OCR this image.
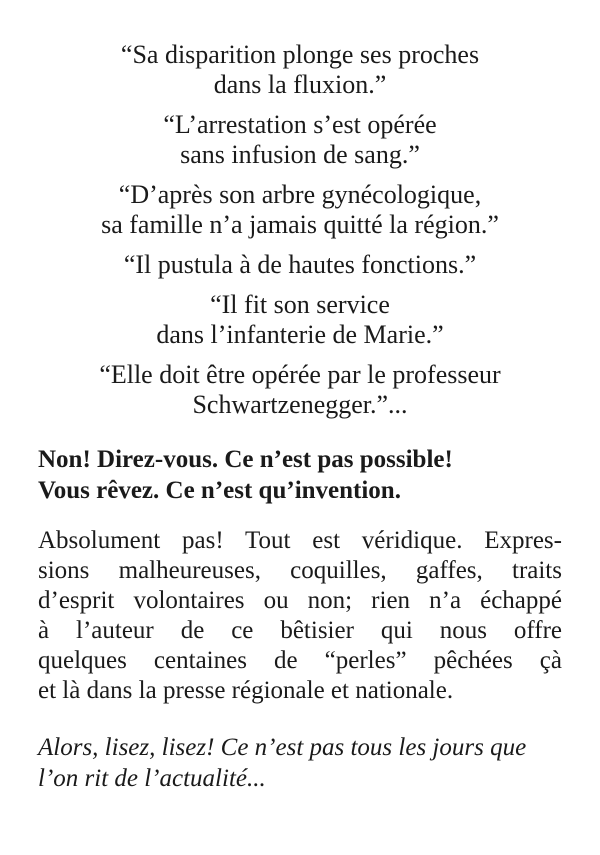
“Sa disparition plonge ses proches
dans la fluxion.”
“L’arrestation s’est opérée
sans infusion de sang.”
“D’après son arbre gynécologique,
sa famille n’a jamais quitté la région.”
“Il pustula à de hautes fonctions.”
“Il fit son service
dans l’infanterie de Marie.”
“Elle doit être opérée par le professeur
Schwartzenegger.”...
Non! Direz-vous. Ce n’est pas possible!
Vous rêvez. Ce n’est qu’invention.
Absolument pas! Tout est véridique. Expres-
sions malheureuses, coquilles, gaffes, traits
d’esprit volontaires ou non; rien n’a échappé
à l’auteur de ce bêtisier qui nous offre
quelques centaines de “perles” pêchées çà
et là dans la presse régionale et nationale.
Alors, lisez, lisez! Ce n’est pas tous les jours que
l’on rit de l’actualité...
